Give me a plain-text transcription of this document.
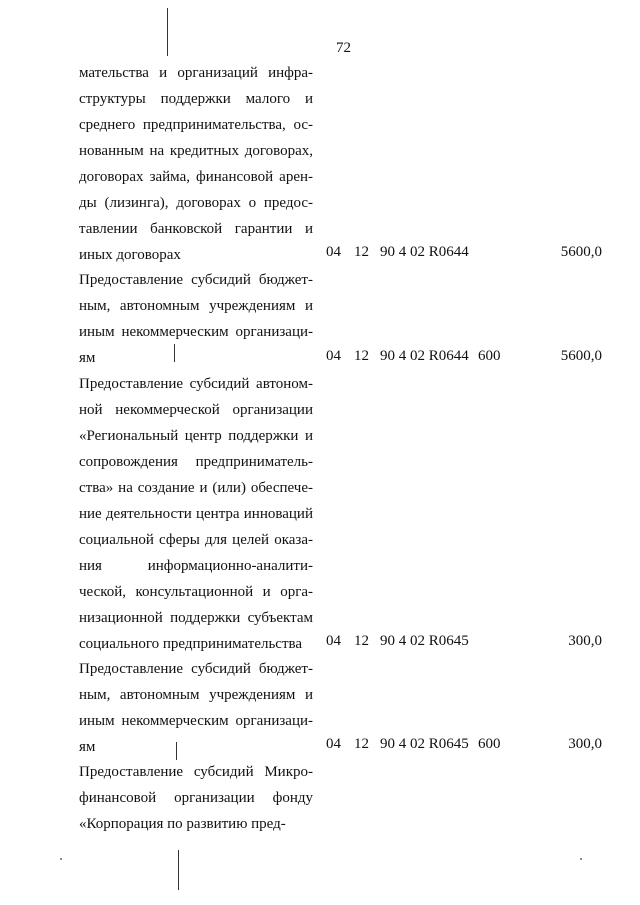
72
мательства и организаций инфра-
структуры поддержки малого и
среднего предпринимательства, ос-
нованным на кредитных договорах,
договорах займа, финансовой арен-
ды (лизинга), договорах о предос-
тавлении банковской гарантии и
иных договорах	04 12 90 4 02 R0644	5600,0
Предоставление субсидий бюджет-
ным, автономным учреждениям и
иным некоммерческим организаци-
ям	04 12 90 4 02 R0644 600	5600,0
Предоставление субсидий автоном-
ной некоммерческой организации
«Региональный центр поддержки и
сопровождения предприниматель-
ства» на создание и (или) обеспече-
ние деятельности центра инноваций
социальной сферы для целей оказа-
ния информационно-аналити-
ческой, консультационной и орга-
низационной поддержки субъектам
социального предпринимательства	04 12 90 4 02 R0645	300,0
Предоставление субсидий бюджет-
ным, автономным учреждениям и
иным некоммерческим организаци-
ям	04 12 90 4 02 R0645 600	300,0
Предоставление субсидий Микро-
финансовой организации фонду
«Корпорация по развитию пред-
